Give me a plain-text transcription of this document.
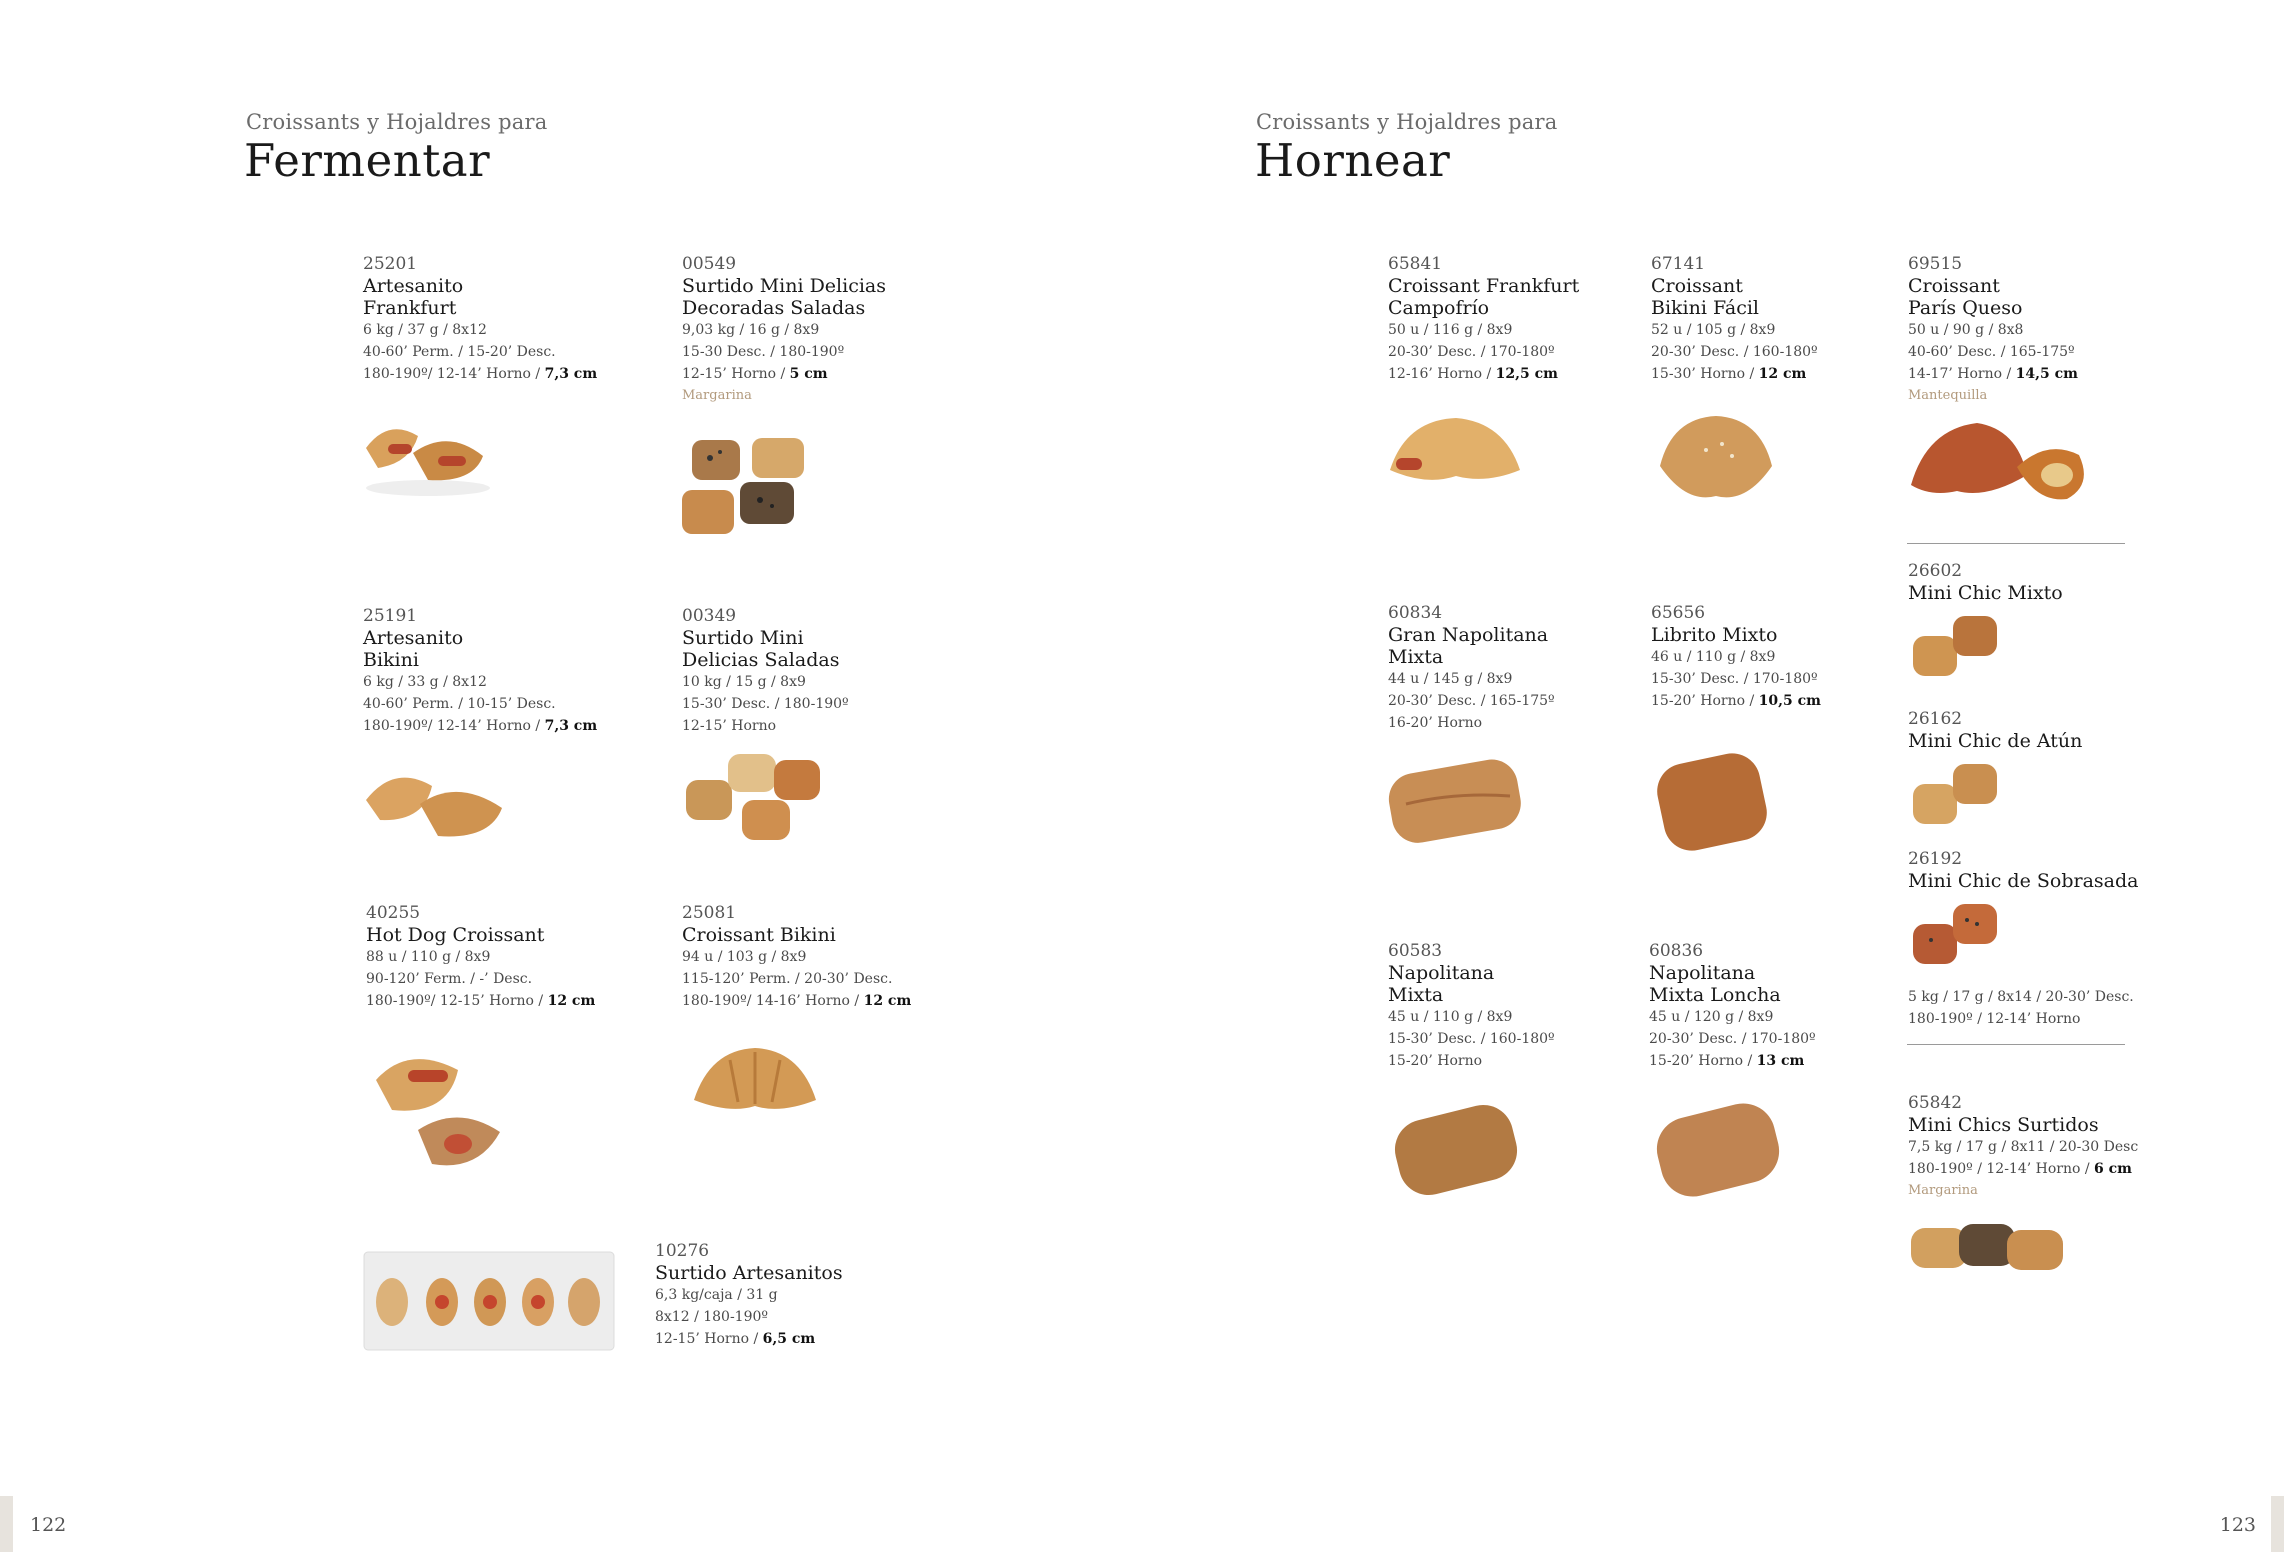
Croissants y Hojaldres para
Fermentar
25201
Artesanito
Frankfurt
6 kg / 37 g / 8x12
40-60’ Perm. / 15-20’ Desc.
180-190º/ 12-14’ Horno / 7,3 cm
00549
Surtido Mini Delicias
Decoradas Saladas
9,03 kg / 16 g / 8x9
15-30 Desc. / 180-190º
12-15’ Horno / 5 cm
Margarina
25191
Artesanito
Bikini
6 kg / 33 g / 8x12
40-60’ Perm. / 10-15’ Desc.
180-190º/ 12-14’ Horno / 7,3 cm
00349
Surtido Mini
Delicias Saladas
10 kg / 15 g / 8x9
15-30’ Desc. / 180-190º
12-15’ Horno
40255
Hot Dog Croissant
88 u / 110 g / 8x9
90-120’ Ferm. / -’ Desc.
180-190º/ 12-15’ Horno / 12 cm
25081
Croissant Bikini
94 u / 103 g / 8x9
115-120’ Perm. / 20-30’ Desc.
180-190º/ 14-16’ Horno / 12 cm
10276
Surtido Artesanitos
6,3 kg/caja / 31 g
8x12 / 180-190º
12-15’ Horno / 6,5 cm
122
Croissants y Hojaldres para
Hornear
65841
Croissant Frankfurt
Campofrío
50 u / 116 g / 8x9
20-30’ Desc. / 170-180º
12-16’ Horno / 12,5 cm
67141
Croissant
Bikini Fácil
52 u / 105 g / 8x9
20-30’ Desc. / 160-180º
15-30’ Horno / 12 cm
69515
Croissant
París Queso
50 u / 90 g / 8x8
40-60’ Desc. / 165-175º
14-17’ Horno / 14,5 cm
Mantequilla
26602
Mini Chic Mixto
26162
Mini Chic de Atún
26192
Mini Chic de Sobrasada
5 kg / 17 g / 8x14 / 20-30’ Desc.
180-190º / 12-14’ Horno
60834
Gran Napolitana
Mixta
44 u / 145 g / 8x9
20-30’ Desc. / 165-175º
16-20’ Horno
65656
Librito Mixto
46 u / 110 g / 8x9
15-30’ Desc. / 170-180º
15-20’ Horno / 10,5 cm
60583
Napolitana
Mixta
45 u / 110 g / 8x9
15-30’ Desc. / 160-180º
15-20’ Horno
60836
Napolitana
Mixta Loncha
45 u / 120 g / 8x9
20-30’ Desc. / 170-180º
15-20’ Horno / 13 cm
65842
Mini Chics Surtidos
7,5 kg / 17 g / 8x11 / 20-30 Desc
180-190º / 12-14’ Horno / 6 cm
Margarina
123
